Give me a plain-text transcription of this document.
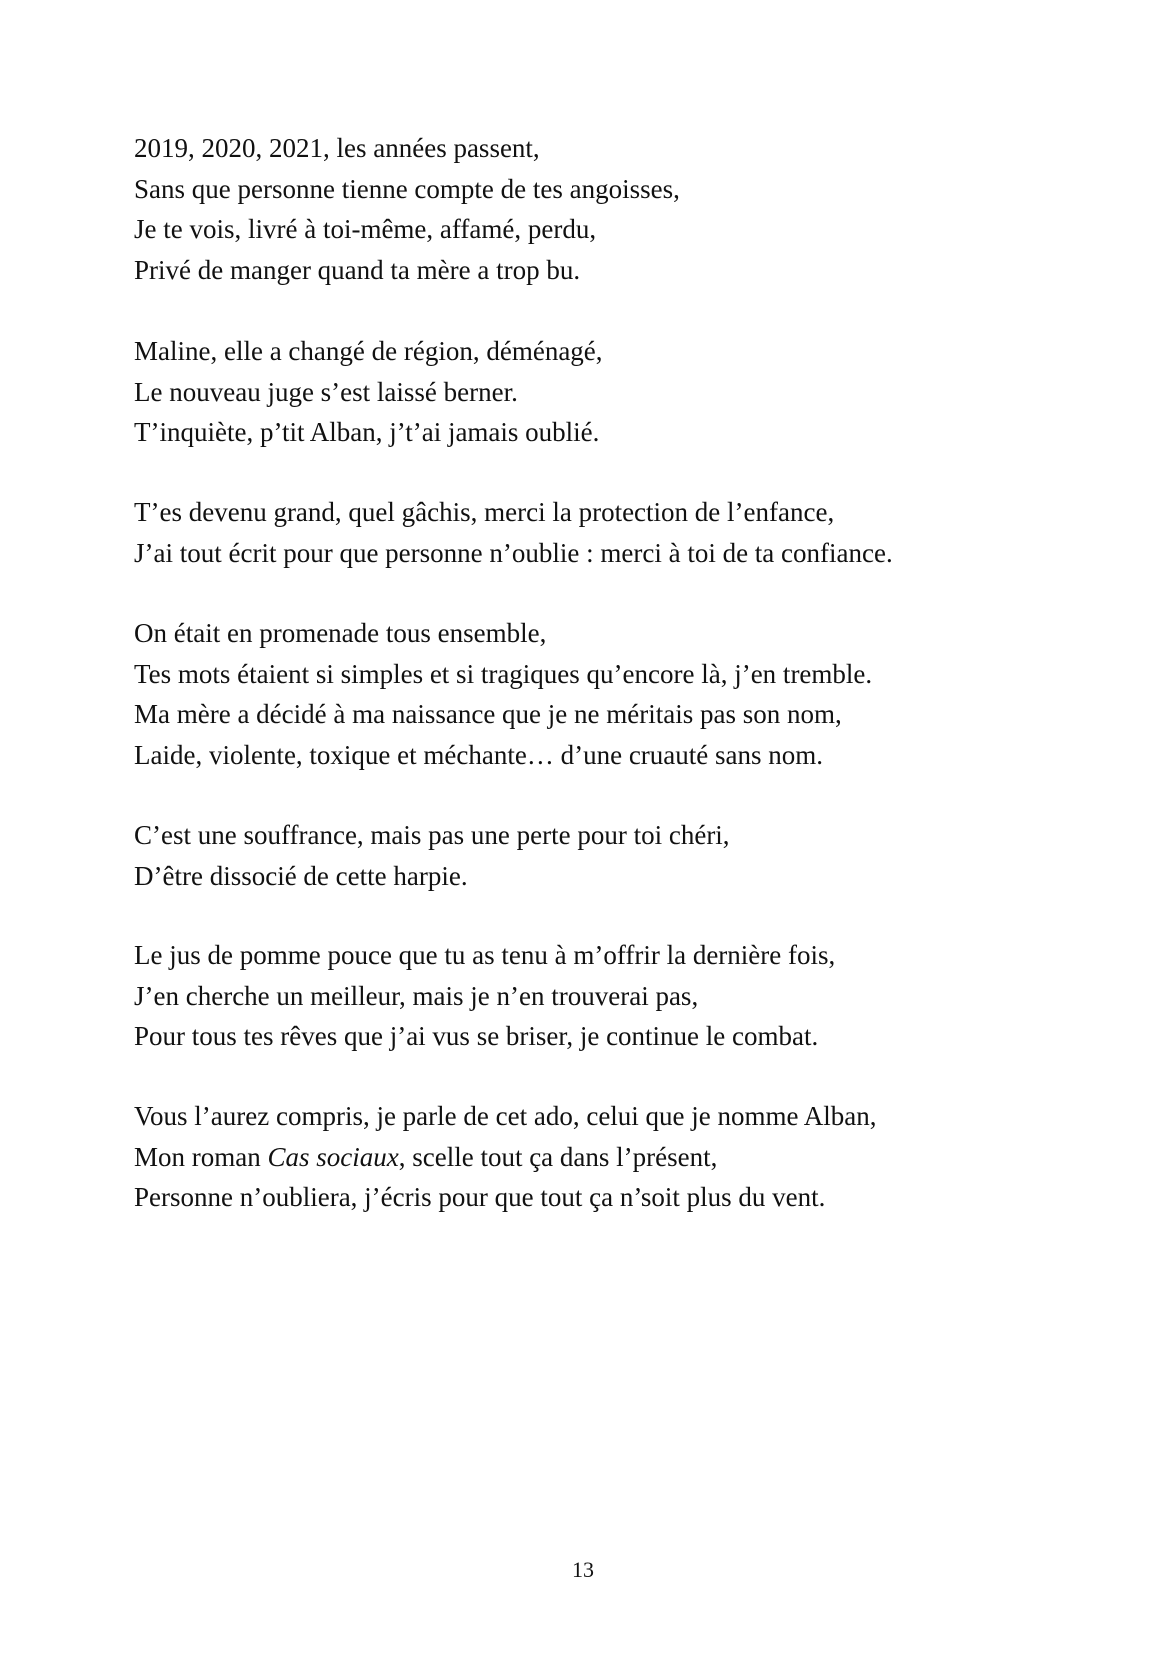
2019, 2020, 2021, les années passent,
Sans que personne tienne compte de tes angoisses,
Je te vois, livré à toi-même, affamé, perdu,
Privé de manger quand ta mère a trop bu.
Maline, elle a changé de région, déménagé,
Le nouveau juge s’est laissé berner.
T’inquiète, p’tit Alban, j’t’ai jamais oublié.
T’es devenu grand, quel gâchis, merci la protection de l’enfance,
J’ai tout écrit pour que personne n’oublie : merci à toi de ta confiance.
On était en promenade tous ensemble,
Tes mots étaient si simples et si tragiques qu’encore là, j’en tremble.
Ma mère a décidé à ma naissance que je ne méritais pas son nom,
Laide, violente, toxique et méchante… d’une cruauté sans nom.
C’est une souffrance, mais pas une perte pour toi chéri,
D’être dissocié de cette harpie.
Le jus de pomme pouce que tu as tenu à m’offrir la dernière fois,
J’en cherche un meilleur, mais je n’en trouverai pas,
Pour tous tes rêves que j’ai vus se briser, je continue le combat.
Vous l’aurez compris, je parle de cet ado, celui que je nomme Alban,
Mon roman Cas sociaux, scelle tout ça dans l’présent,
Personne n’oubliera, j’écris pour que tout ça n’soit plus du vent.
13
